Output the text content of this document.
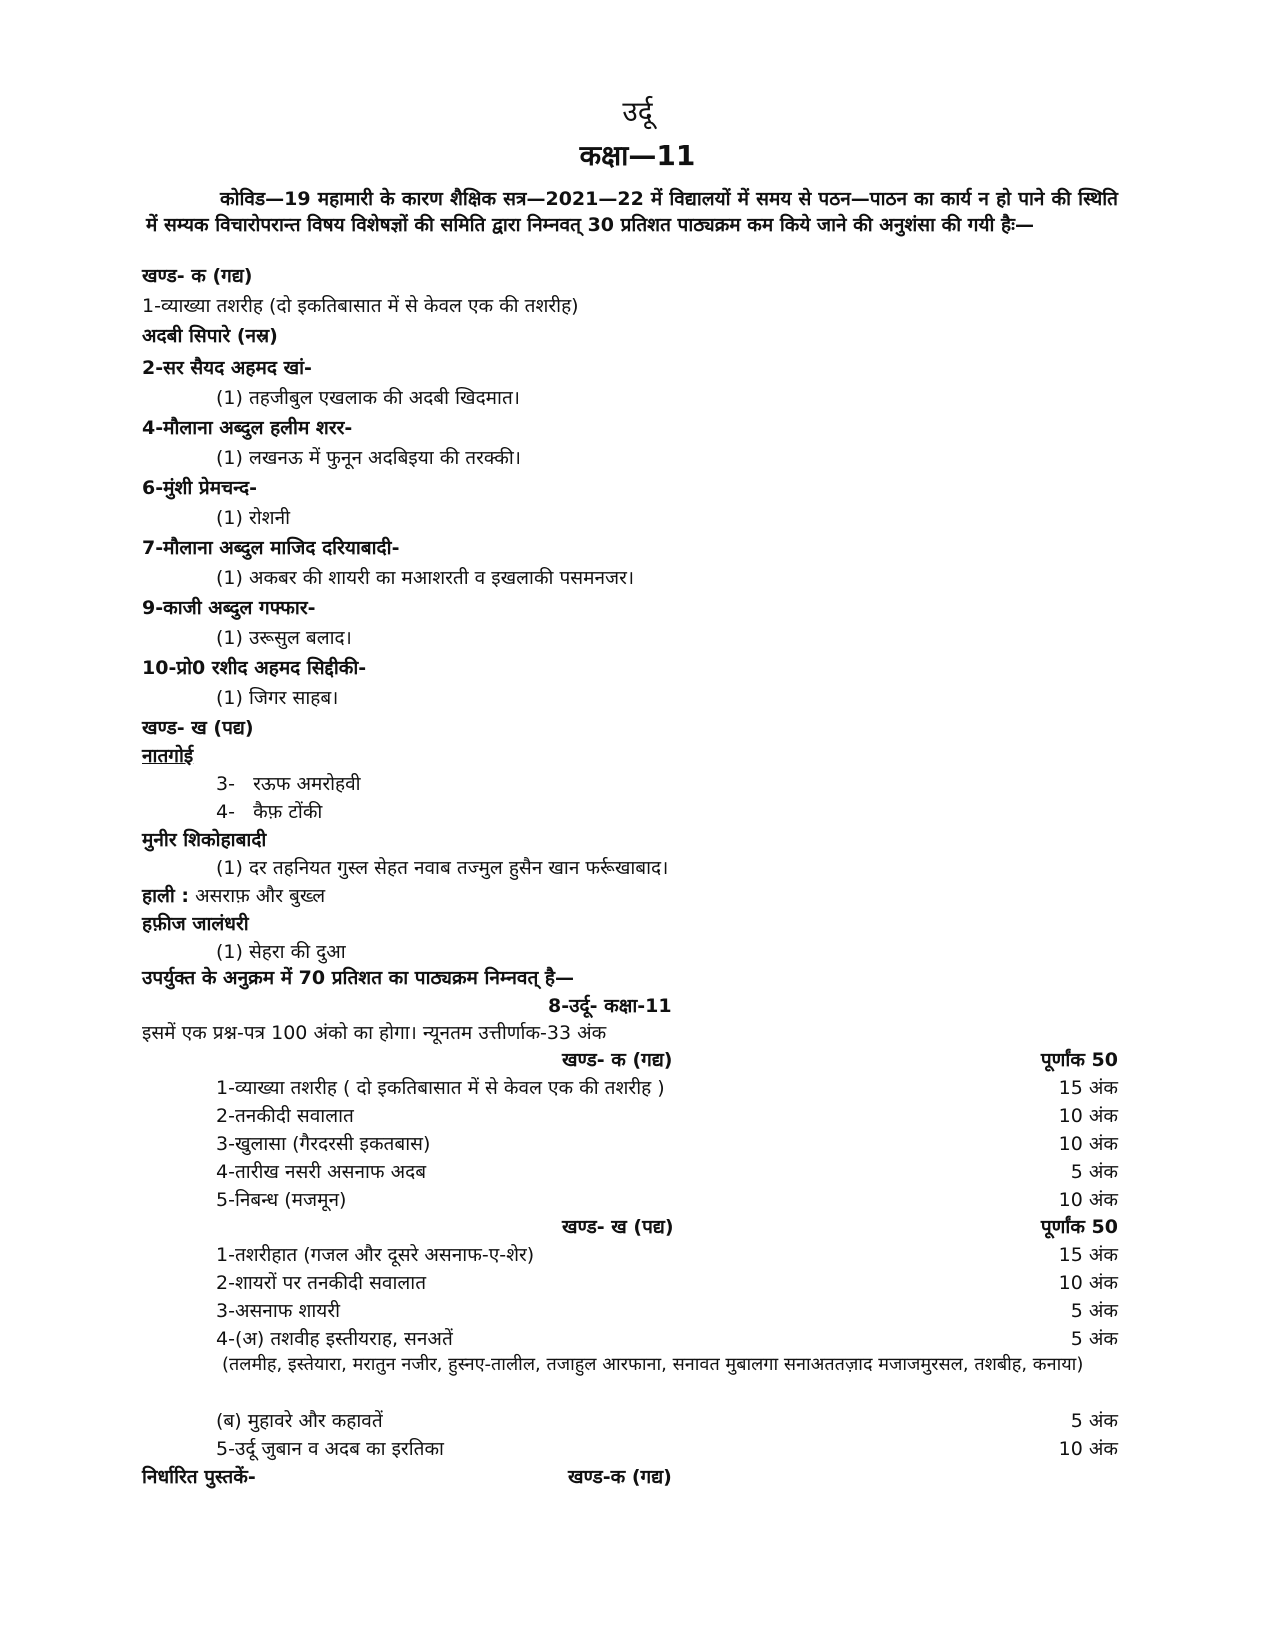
उर्दू
कक्षा—11
कोविड—19 महामारी के कारण शैक्षिक सत्र—2021—22 में विद्यालयों में समय से पठन—पाठन का कार्य न हो पाने की स्थिति में सम्यक विचारोपरान्त विषय विशेषज्ञों की समिति द्वारा निम्नवत् 30 प्रतिशत पाठ्यक्रम कम किये जाने की अनुशंसा की गयी हैः—
खण्ड- क (गद्य)
1-व्याख्या तशरीह (दो इकतिबासात में से केवल एक की तशरीह)
अदबी सिपारे (नस्र)
2-सर सैयद अहमद खां-
(1) तहजीबुल एखलाक की अदबी खिदमात।
4-मौलाना अब्दुल हलीम शरर-
(1) लखनऊ में फुनून अदबिइया की तरक्की।
6-मुंशी प्रेमचन्द-
(1) रोशनी
7-मौलाना अब्दुल माजिद दरियाबादी-
(1) अकबर की शायरी का मआशरती व इखलाकी पसमनजर।
9-काजी अब्दुल गफ्फार-
(1) उरूसुल बलाद।
10-प्रो0 रशीद अहमद सिद्दीकी-
(1) जिगर साहब।
खण्ड- ख (पद्य)
नातगोई
3-   रऊफ अमरोहवी
4-   कैफ़ टोंकी
मुनीर शिकोहाबादी
(1) दर तहनियत गुस्ल सेहत नवाब तज्मुल हुसैन खान फर्रूखाबाद।
हाली : असराफ़ और बुख्ल
हफ़ीज जालंधरी
(1) सेहरा की दुआ
उपर्युक्त के अनुक्रम में 70 प्रतिशत का पाठ्यक्रम निम्नवत् है—
8-उर्दू- कक्षा-11
इसमें एक प्रश्न-पत्र 100 अंको का होगा। न्यूनतम उत्तीर्णाक-33 अंक
खण्ड- क (गद्य)	पूर्णांक 50
1-व्याख्या तशरीह ( दो इकतिबासात में से केवल एक की तशरीह )	15 अंक
2-तनकीदी सवालात	10 अंक
3-खुलासा (गैरदरसी इकतबास)	10 अंक
4-तारीख नसरी असनाफ अदब	5 अंक
5-निबन्ध (मजमून)	10 अंक
खण्ड- ख (पद्य)	पूर्णांक 50
1-तशरीहात (गजल और दूसरे असनाफ-ए-शेर)	15 अंक
2-शायरों पर तनकीदी सवालात	10 अंक
3-असनाफ शायरी	5 अंक
4-(अ) तशवीह इस्तीयराह, सनअतें	5 अंक
(तलमीह, इस्तेयारा, मरातुन नजीर, हुस्नए-तालील, तजाहुल आरफाना, सनावत मुबालगा सनाअततज़ाद मजाजमुरसल, तशबीह, कनाया)
(ब) मुहावरे और कहावतें	5 अंक
5-उर्दू जुबान व अदब का इरतिका	10 अंक
निर्धारित पुस्तकें-	खण्ड-क (गद्य)
